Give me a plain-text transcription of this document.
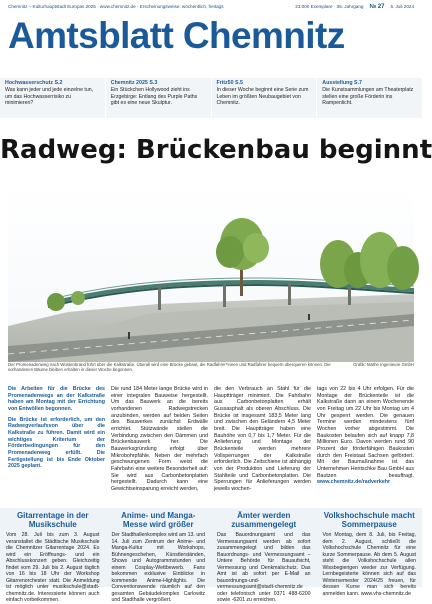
Chemnitz – Kulturhauptstadt Europas 2025 · www.chemnitz.de · Erscheinungsweise: wöchentlich, freitags	23.000 Exemplare · 35. Jahrgang № 27 5. Juli 2024
Amtsblatt Chemnitz
Hochwasserschutz S.2
Was kann jeder und jede einzelne tun, um das Hochwasserrisiko zu minimieren?
Chemnitz 2025 S.3
Ein Stückchen Hollywood zieht ins Erzgebirge: Entlang des Purple Paths gibt es eine neue Skulptur.
Fritz50 S.5
In dieser Woche beginnt eine Serie zum Leben im größten Neubaugebiet von Chemnitz.
Ausstellung S.7
Die Kunstsammlungen am Theaterplatz stellen eine große Förderin ins Rampenlicht.
Radweg: Brückenbau beginnt
Der Promenadenweg nach Wüstenbrand führt über die Kalkstraße. Überall wird eine Brücke gebaut, die Radfahrer*innen und Radfahrer bequem überqueren können. Die vorhandenen Bäume bleiben erhalten in dieser Woche begonnen.
Grafik: Mathe Ingenieure GmbH
Die Arbeiten für die Brücke des Promenadenwegs an der Kalkstraße haben am Montag mit der Errichtung von Entwöllen begonnen.
Die Brücke ist erforderlich, um den Radwegverlaufsvon über die Kalkstraße zu führen. Damit wird ein wichtiges Kriterium der Förderbedingungen für den Promenadenweg erfüllt. Die Fertigstellung ist bis Ende Oktober 2025 geplant.
Die rund 184 Meter lange Brücke wird in einer integralen Bauweise hergestellt. Um das Bauwerk an die bereits vorhandenen Radwegstrecken anzubinden, werden auf beiden Seiten des Bauwerkes zunächst Erdwälle errichtet. Stützwände stellen die Verbindung zwischen den Dämmen und Brückenbauwerk her. Die Bauwerksgründung erfolgt über Mikrobohrpfähle. Neben der mehrfach geschwungenen Form weist die Fahrbahn eine weitere Besonderheit auf: Sie wird aus Carbonbetonplatten hergestellt. Dadurch kann eine Gewichtseinsparung erreicht werden,
die den Verbrauch an Stahl für die Haupttträger minimiert. Die Fahrbahn aus Carbonbetonplatten erhält Gussasphalt als oberen Abschluss. Die Brücke ist insgesamt 183,5 Meter lang und zwischen den Geländern 4,5 Meter breit. Die Hauptträger haben eine Bauhöhe von 0,7 bis 1,7 Meter. Für die Anlieferung und Montage der Brückenteile werden mehrere Vollsperrungen der Kalkstraße erforderlich. Die Zeitschiene ist abhängig von der Produktion und Lieferung der Stahlteile und Carbonbetonplatten. Die Sperrungen für Anlieferungen werden jeweils wochen-
tags von 22 bis 4 Uhr erfolgen. Für die Montage der Brückenteile ist die Kalkstraße dann an einem Wochenende von Freitag um 22 Uhr bis Montag um 4 Uhr gesperrt werden. Die genauen Termine werden mindestens fünf Wochen vorher abgestimmt. Die Baukosten belaufen sich auf knapp 7,8 Millionen Euro. Davon werden rund 90 Prozent der förderfähigen Baukosten durch den Freistaat Sachsen gefördert. Mit der Baumaßnahme ist das Unternehmen Hentschke Bau GmbH aus Bautzen beauftragt. www.chemnitz.de/radverkehr
Gitarrentage in der Musikschule
Vom 28. Juli bis zum 3. August veranstaltet die Städtische Musikschule die Chemnitzer Gitarrentage 2024. Es wird ein Eröffnungs- und ein Abschlusskonzert geben. Gleichzeitig findet vom 29. Juli bis 2. August täglich von 16 bis 18 Uhr der Workshop Gitarrenorchester statt. Die Anmeldung ist möglich unter musikschule@stadt-chemnitz.de. Interessierte können auch einfach vorbeikommen.
Anime- und Manga-Messe wird größer
Der Stadthallenkomplex wird am 13. und 14. Juli zum Zentrum der Anime- und Manga-Kultur mit Workshops, Bühnengeschehen, Künstlerständen, Shows und Autogrammstunden und einem Cosplay-Wettbewerb. Fans bekommen exklusive Einblicke in kommende Anime-Highlights. Die Conventionswende räumlich auf den gesamten Gebäudekomplex Carlowitz und Stadthalle vergrößert.
Ämter werden zusammengelegt
Das Bauordnungsamt und das Vermessungsamt werden ab sofort zusammengelegt und bilden das Bauordnungs- und Vermessungsamt – Untere Behörde für Bauaufsicht, Vermessung und Denkmalschutz. Das Amt ist ab sofort per E-Mail an bauordnungs-und-vermessungsamt@stadt-chemnitz.de oder telefonisch unter 0371 488-6200 sowie -6201 zu erreichen.
Volkshochschule macht Sommerpause
Von Montag, dem 8. Juli, bis Freitag, dem 2. August, schließt die Volkshochschule Chemnitz für eine kurze Sommerpause. Ab dem 5. August steht die Volkshochschule allen Wissbegierigen wieder zur Verfügung. Lernbegeisterte können sich auf das Wintersemester 2024/25 freuen, für dessen Kurse man sich bereits anmelden kann. www.vhs-chemnitz.de
